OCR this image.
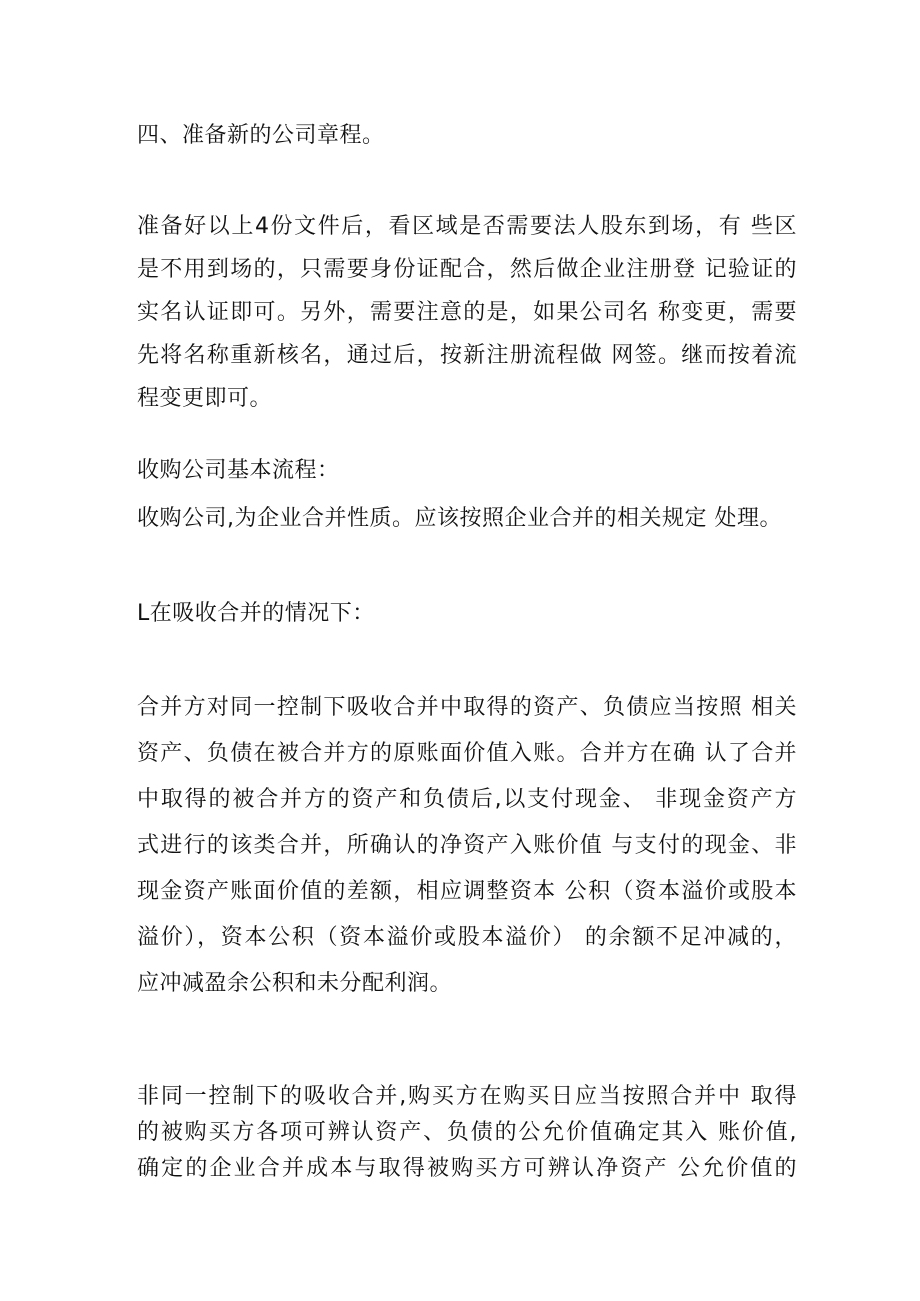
四、准备新的公司章程。
准备好以上4份文件后，看区域是否需要法人股东到场，有 些区
是不用到场的，只需要身份证配合，然后做企业注册登 记验证的
实名认证即可。另外，需要注意的是，如果公司名 称变更，需要
先将名称重新核名，通过后，按新注册流程做 网签。继而按着流
程变更即可。
收购公司基本流程：
收购公司,为企业合并性质。应该按照企业合并的相关规定 处理。
L在吸收合并的情况下：
合并方对同一控制下吸收合并中取得的资产、负债应当按照 相关
资产、负债在被合并方的原账面价值入账。合并方在确 认了合并
中取得的被合并方的资产和负债后,以支付现金、 非现金资产方
式进行的该类合并，所确认的净资产入账价值 与支付的现金、非
现金资产账面价值的差额，相应调整资本 公积（资本溢价或股本
溢价），资本公积（资本溢价或股本溢价） 的余额不足冲减的，
应冲减盈余公积和未分配利润。
非同一控制下的吸收合并,购买方在购买日应当按照合并中 取得
的被购买方各项可辨认资产、负债的公允价值确定其入 账价值,
确定的企业合并成本与取得被购买方可辨认净资产 公允价值的
